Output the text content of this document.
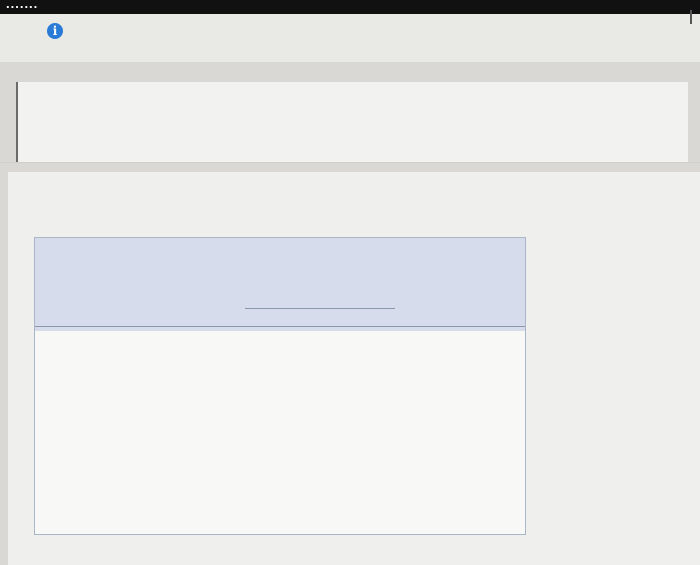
.......
i
